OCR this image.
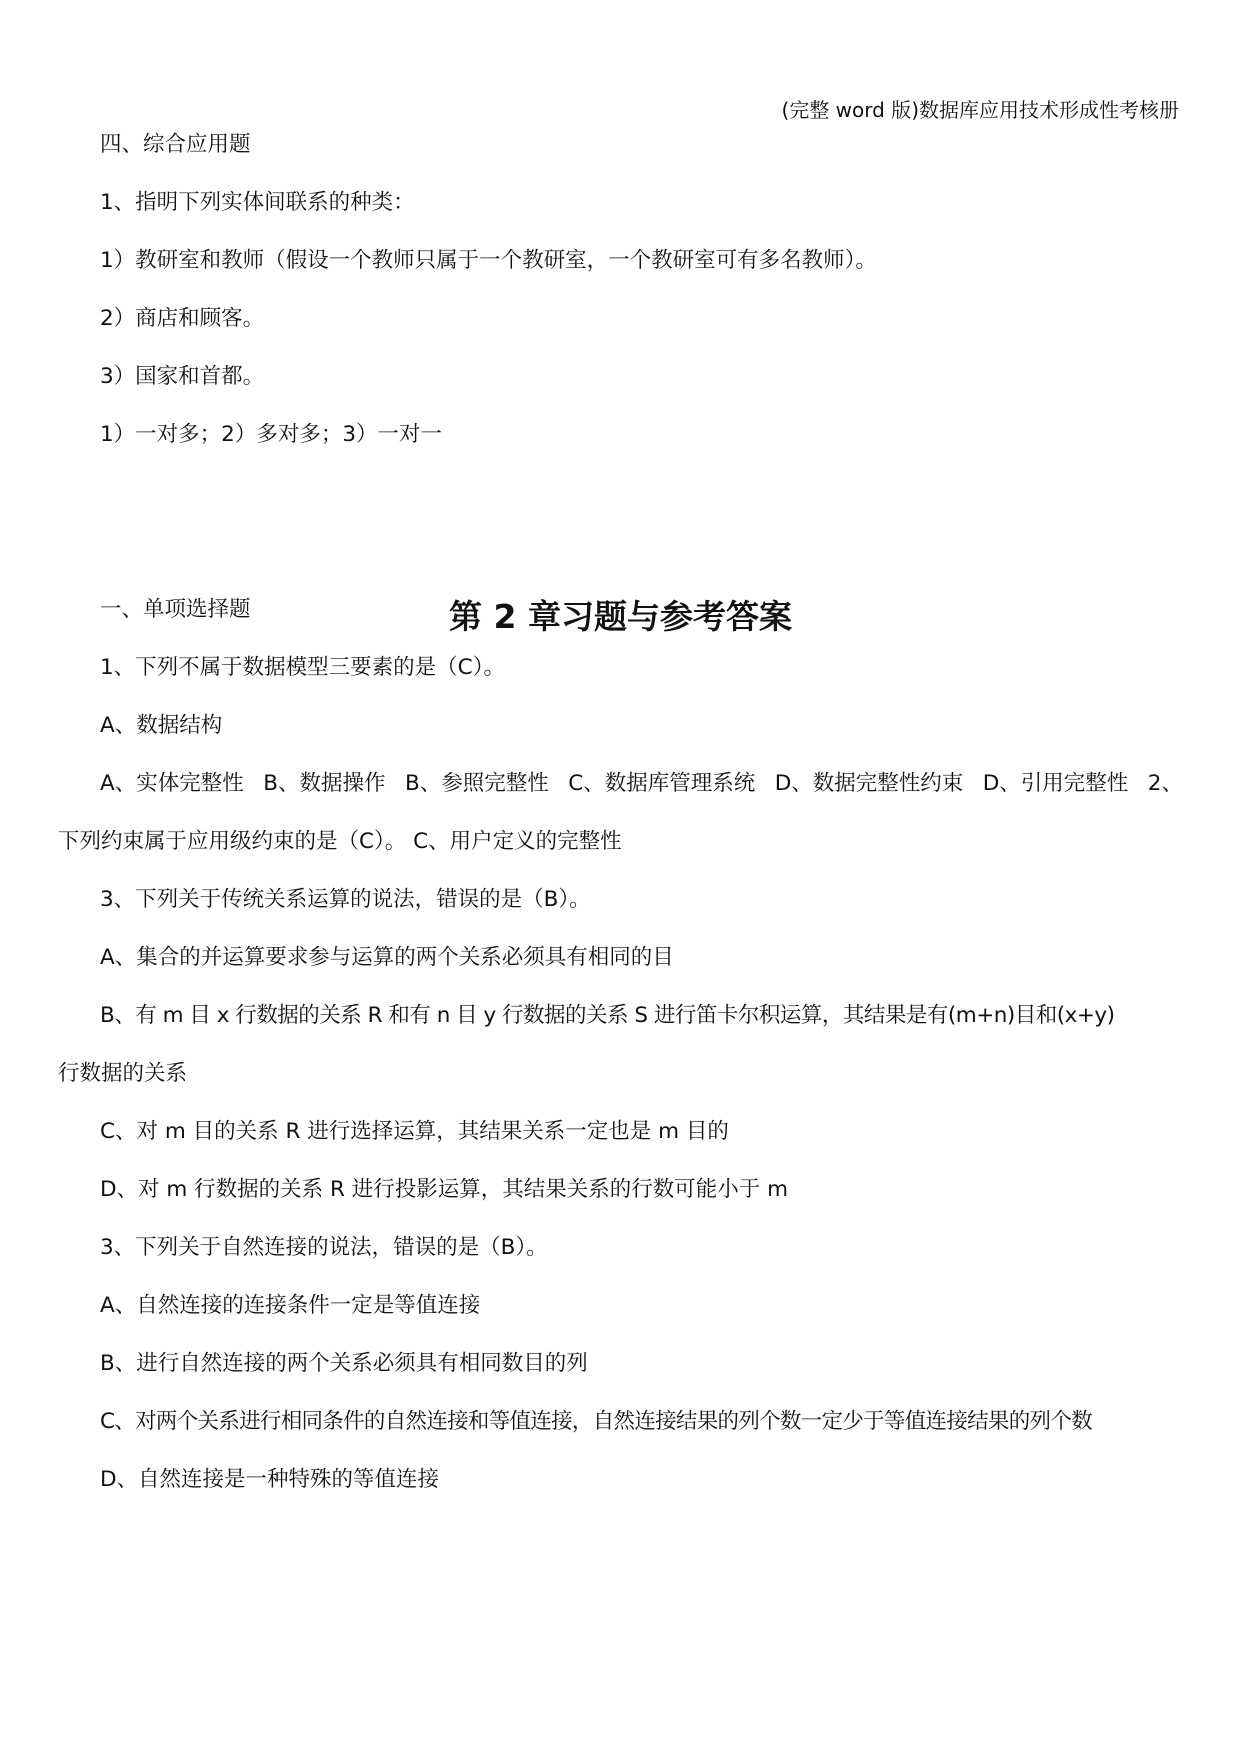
(完整 word 版)数据库应用技术形成性考核册
四、综合应用题
1、指明下列实体间联系的种类：
1）教研室和教师（假设一个教师只属于一个教研室，一个教研室可有多名教师）。
2）商店和顾客。
3）国家和首都。
1）一对多；2）多对多；3）一对一
第 2 章习题与参考答案
一、单项选择题
1、下列不属于数据模型三要素的是（C）。
A、数据结构
A、实体完整性 B、数据操作 B、参照完整性 C、数据库管理系统 D、数据完整性约束 D、引用完整性 2、
下列约束属于应用级约束的是（C）。 C、用户定义的完整性
3、下列关于传统关系运算的说法，错误的是（B）。
A、集合的并运算要求参与运算的两个关系必须具有相同的目
B、有 m 目 x 行数据的关系 R 和有 n 目 y 行数据的关系 S 进行笛卡尔积运算，其结果是有(m+n)目和(x+y)
行数据的关系
C、对 m 目的关系 R 进行选择运算，其结果关系一定也是 m 目的
D、对 m 行数据的关系 R 进行投影运算，其结果关系的行数可能小于 m
3、下列关于自然连接的说法，错误的是（B）。
A、自然连接的连接条件一定是等值连接
B、进行自然连接的两个关系必须具有相同数目的列
C、对两个关系进行相同条件的自然连接和等值连接，自然连接结果的列个数一定少于等值连接结果的列个数
D、自然连接是一种特殊的等值连接
